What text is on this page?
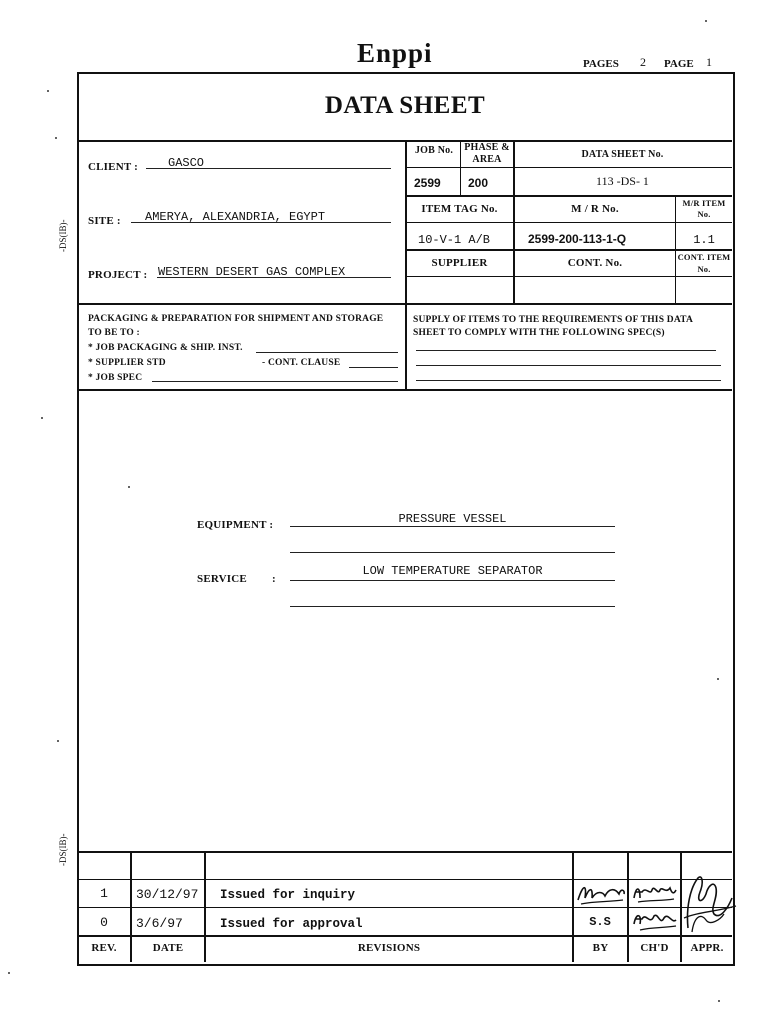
Enppi	PAGES 2 PAGE 1
-DS(IB)-
-DS(IB)-
DATA SHEET
CLIENT :	GASCO
SITE : AMERYA, ALEXANDRIA, EGYPT
PROJECT : WESTERN DESERT GAS COMPLEX
JOB No. PHASE & AREA	DATA SHEET No.
2599 200	113 -DS- 1
ITEM TAG No.	M / R No.	M/R ITEM No.
10-V-1 A/B	2599-200-113-1-Q	1.1
SUPPLIER	CONT. No.	CONT. ITEM No.
PACKAGING & PREPARATION FOR SHIPMENT AND STORAGE
TO BE TO :
* JOB PACKAGING & SHIP. INST.
* SUPPLIER STD	- CONT. CLAUSE
* JOB SPEC
SUPPLY OF ITEMS TO THE REQUIREMENTS OF THIS DATA
SHEET TO COMPLY WITH THE FOLLOWING SPEC(S)
EQUIPMENT :	PRESSURE VESSEL
SERVICE :
LOW TEMPERATURE SEPARATOR
1	30/12/97 Issued for inquiry
0	3/6/97	Issued for approval	S.S
REV.	DATE	REVISIONS	BY	CH'D	APPR.
